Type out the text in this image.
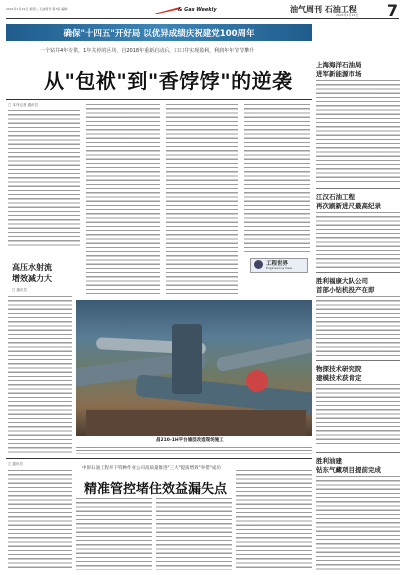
2021年1月19日 星期二 石油周刊 第7版 编辑：	& Gas Weekly	油气周刊 石油工程
2021年1月19日 7
确保"十四五"开好局 以优异成绩庆祝建党100周年
一个钻井4年专供，1年关停的区块，自2018年重新启动后，口口井实现盈利，利润年年节节攀升
从"包袱"到"香饽饽"的逆袭
□ 本刊记者 通讯员
工程世界
Engineering View
高压水射流
增效减力大
□ 通讯员
昌210-1H平台储层改造现场施工
中原石油工程井下特种作业公司高质量推进"三大"提质增效"举措"成功
精准管控堵住效益漏失点
□ 通讯员
上海海洋石油局
进军新能源市场
江汉石油工程
再次刷新进尺最高纪录
胜利福康大队公司
首部小钻机投产在即
物探技术研究院
建模技术获肯定
胜利油建
钻东气藏项目提前完成
